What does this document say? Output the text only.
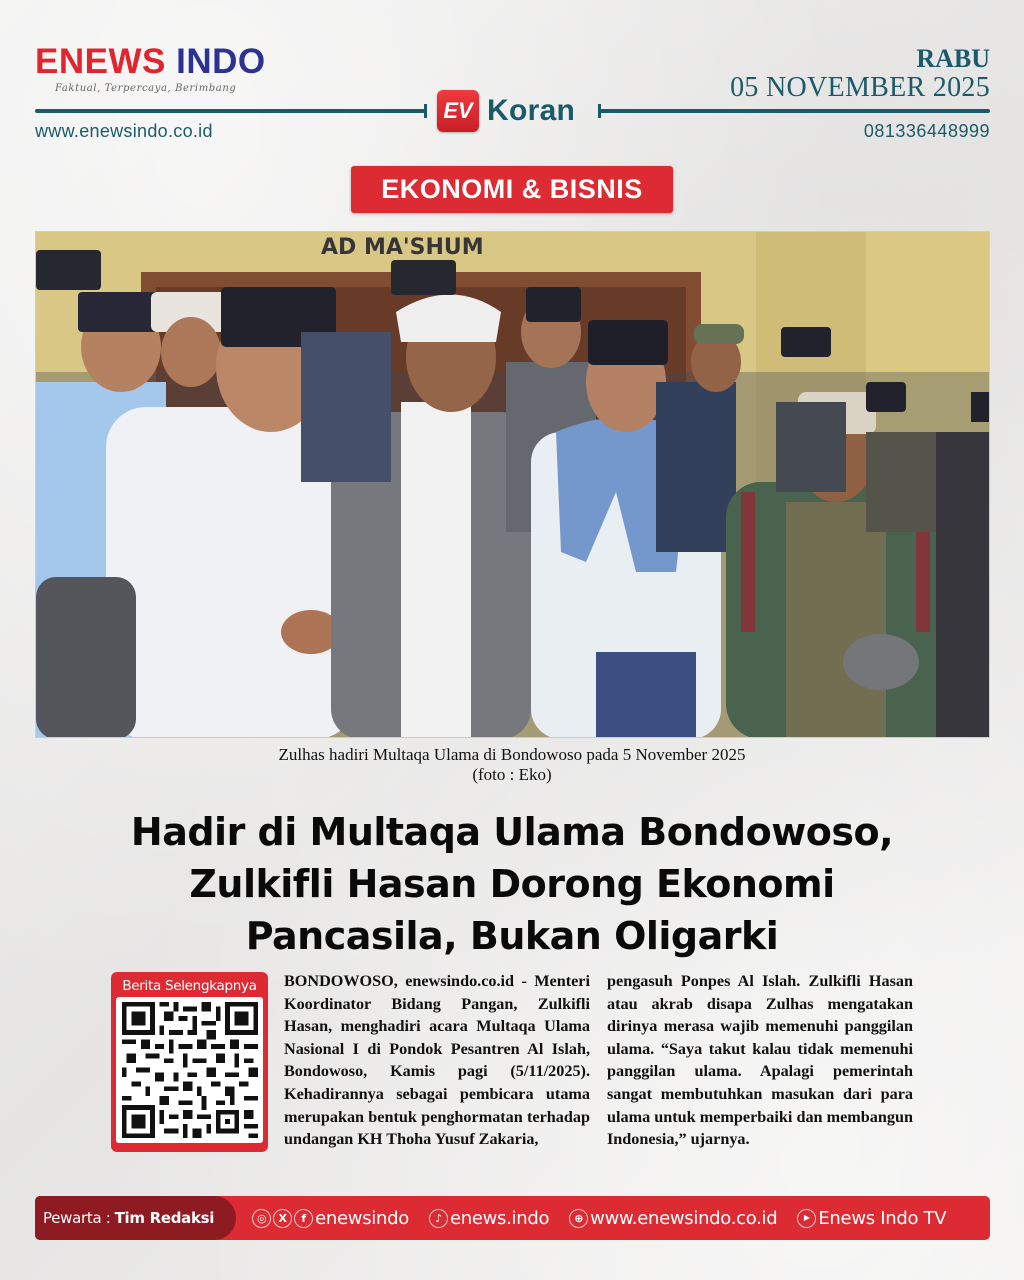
ENEWS INDO
Faktual, Terpercaya, Berimbang
www.enewsindo.co.id
EV Koran
RABU
05 NOVEMBER 2025
081336448999
EKONOMI & BISNIS
AD MA'SHUM
Zulhas hadiri Multaqa Ulama di Bondowoso pada 5 November 2025
(foto : Eko)
Hadir di Multaqa Ulama Bondowoso,
Zulkifli Hasan Dorong Ekonomi
Pancasila, Bukan Oligarki
Berita Selengkapnya	BONDOWOSO, enewsindo.co.id - Menteri Koordinator Bidang Pangan, Zulkifli Hasan, menghadiri acara Multaqa Ulama Nasional I di Pondok Pesantren Al Islah, Bondowoso, Kamis pagi (5/11/2025). Kehadirannya sebagai pembicara utama merupakan bentuk penghormatan terhadap undangan KH Thoha Yusuf Zakaria,
pengasuh Ponpes Al Islah. Zulkifli Hasan atau akrab disapa Zulhas mengatakan dirinya merasa wajib memenuhi panggilan ulama. “Saya takut kalau tidak memenuhi panggilan ulama. Apalagi pemerintah sangat membutuhkan masukan dari para ulama untuk memperbaiki dan membangun Indonesia,” ujarnya.
Pewarta : Tim Redaksi	◎	X	f enewsindo	♪ enews.indo	⊕ www.enewsindo.co.id	▶ Enews Indo TV
